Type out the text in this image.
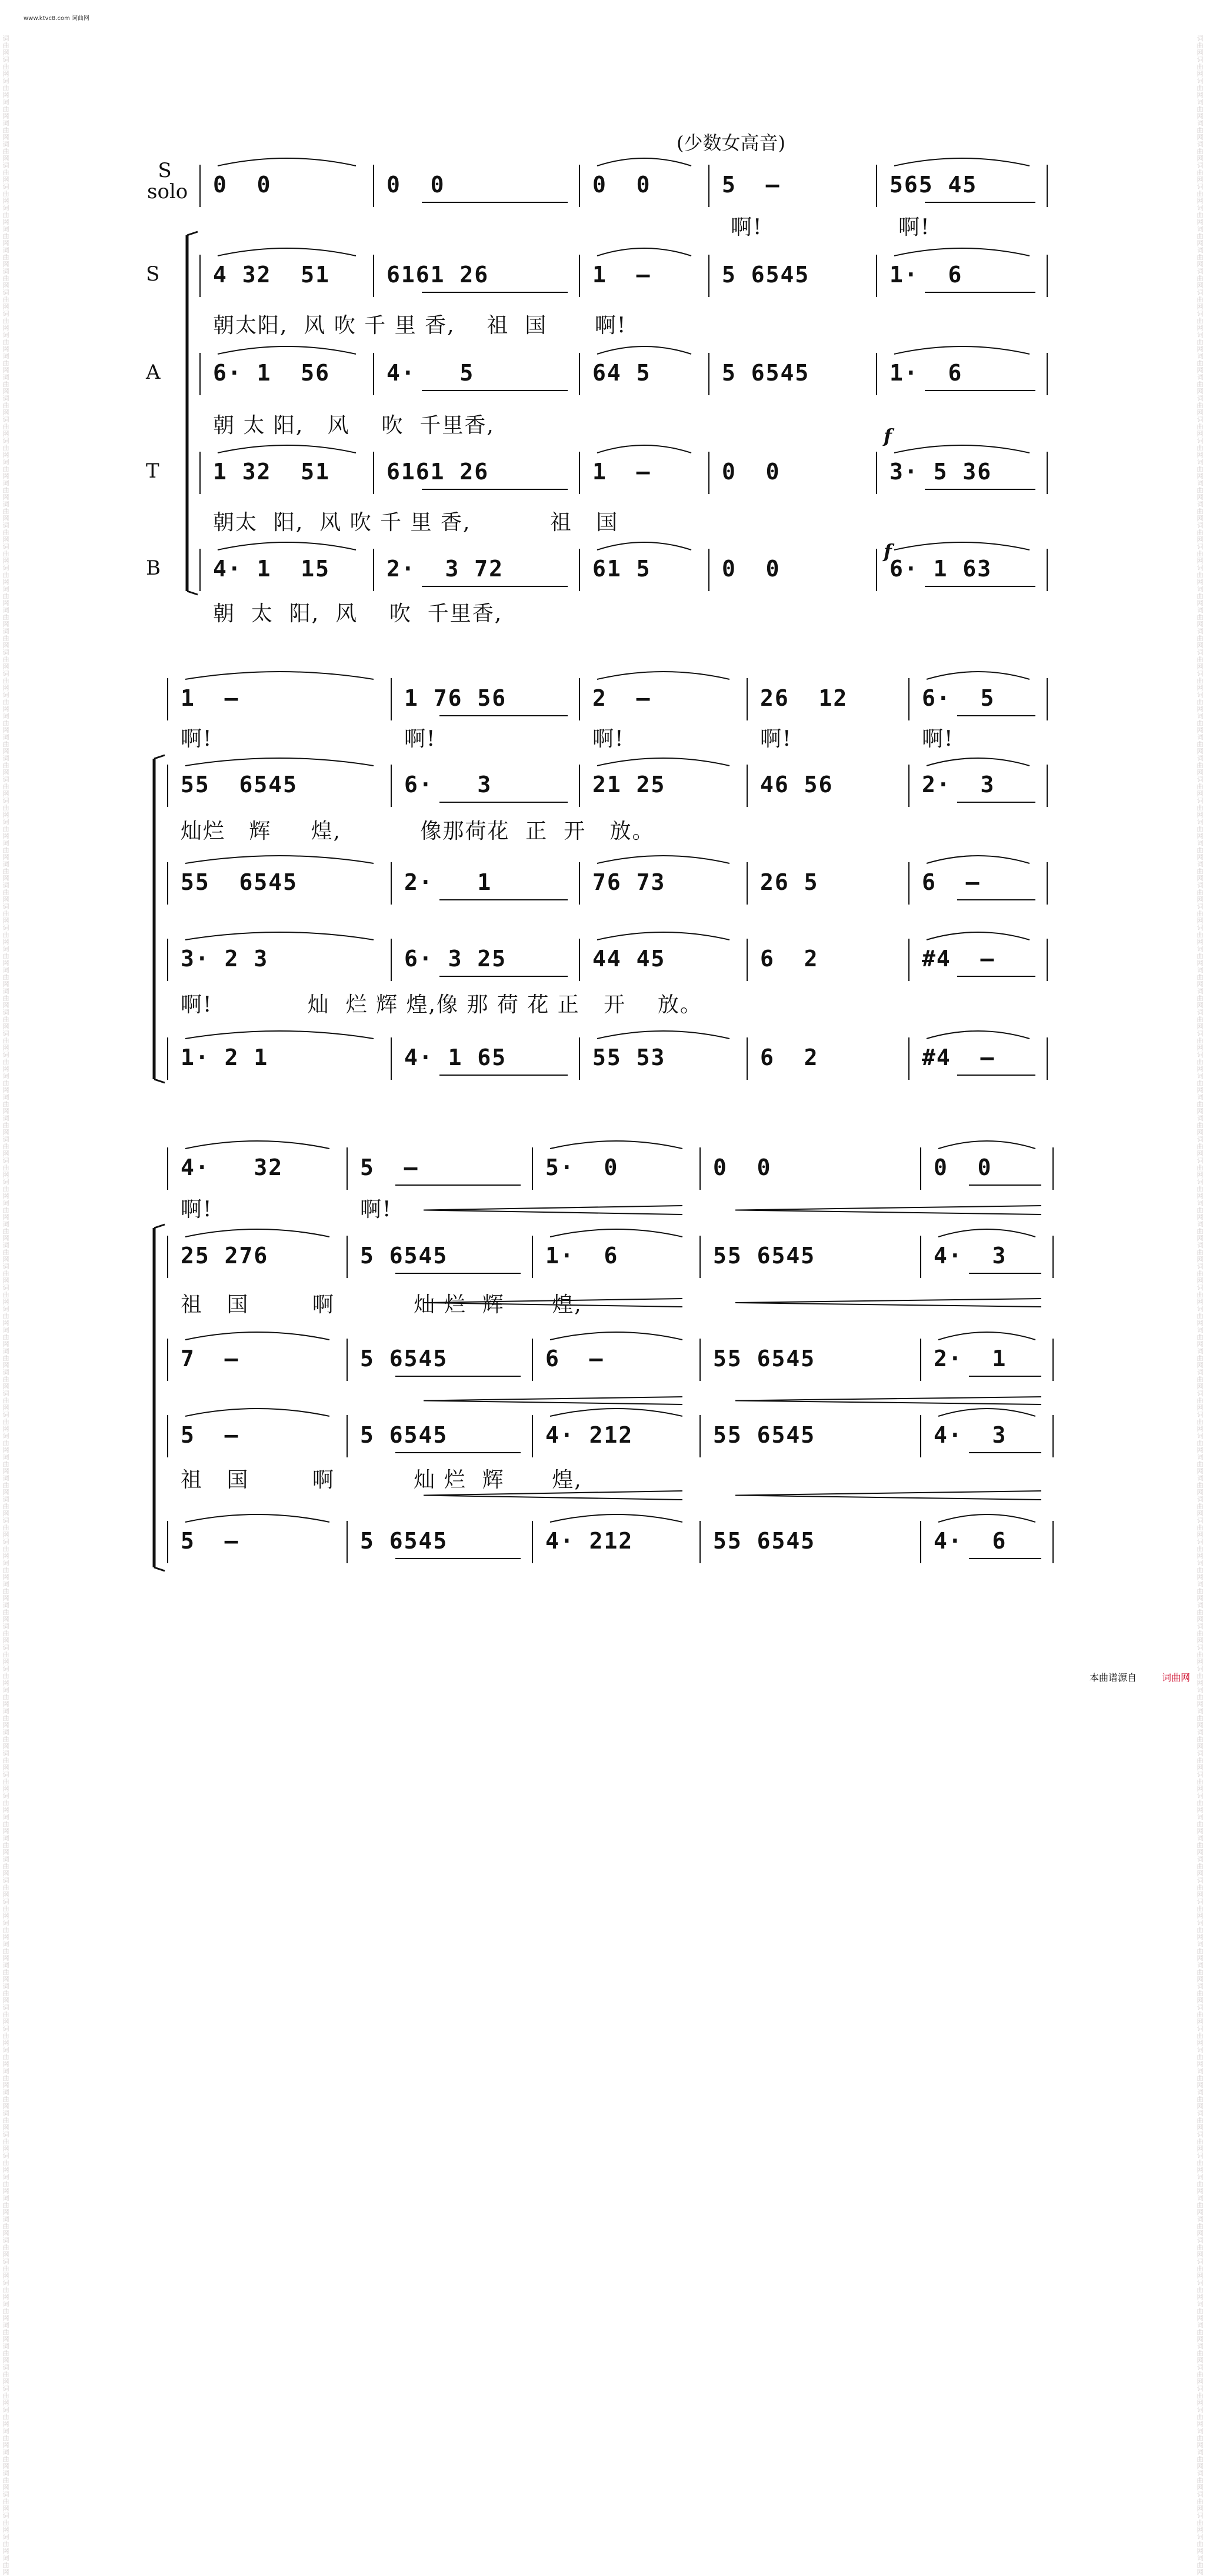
www.ktvc8.com 词曲网
词曲网词曲网词曲网词曲网词曲网词曲网词曲网词曲网词曲网词曲网词曲网词曲网词曲网词曲网词曲网词曲网词曲网词曲网词曲网词曲网词曲网词曲网词曲网词曲网词曲网词曲网词曲网词曲网词曲网词曲网词曲网词曲网词曲网词曲网词曲网词曲网词曲网词曲网词曲网词曲网词曲网词曲网词曲网词曲网词曲网词曲网词曲网词曲网词曲网词曲网词曲网词曲网词曲网词曲网词曲网词曲网词曲网词曲网词曲网词曲网词曲网词曲网词曲网词曲网词曲网词曲网词曲网词曲网词曲网词曲网词曲网词曲网词曲网词曲网词曲网词曲网词曲网词曲网词曲网词曲网词曲网词曲网词曲网词曲网词曲网词曲网词曲网词曲网词曲网词曲网词曲网词曲网词曲网词曲网词曲网词曲网词曲网词曲网词曲网词曲网词曲网词曲网词曲网词曲网词曲网词曲网词曲网词曲网词曲网词曲网词曲网词曲网词曲网词曲网词曲网词曲网词曲网词曲网词曲网词曲网
词曲网词曲网词曲网词曲网词曲网词曲网词曲网词曲网词曲网词曲网词曲网词曲网词曲网词曲网词曲网词曲网词曲网词曲网词曲网词曲网词曲网词曲网词曲网词曲网词曲网词曲网词曲网词曲网词曲网词曲网词曲网词曲网词曲网词曲网词曲网词曲网词曲网词曲网词曲网词曲网词曲网词曲网词曲网词曲网词曲网词曲网词曲网词曲网词曲网词曲网词曲网词曲网词曲网词曲网词曲网词曲网词曲网词曲网词曲网词曲网词曲网词曲网词曲网词曲网词曲网词曲网词曲网词曲网词曲网词曲网词曲网词曲网词曲网词曲网词曲网词曲网词曲网词曲网词曲网词曲网词曲网词曲网词曲网词曲网词曲网词曲网词曲网词曲网词曲网词曲网词曲网词曲网词曲网词曲网词曲网词曲网词曲网词曲网词曲网词曲网词曲网词曲网词曲网词曲网词曲网词曲网词曲网词曲网词曲网词曲网词曲网词曲网词曲网词曲网词曲网词曲网词曲网词曲网词曲网词曲网
(少数女高音)
S solo
S
A
T
B
f
f
0  0	0  0	0  0	5  –	565 45
啊!	啊!
4 32  51	6161 26	1  –	5 6545	1·  6
朝太阳,  风 吹 千 里 香,    祖  国      啊!
6· 1  56	4·   5	64 5	5 6545	1·  6
朝 太 阳,   风    吹  千里香,
1 32  51	6161 26	1  –	0  0	3· 5 36
朝太  阳,  风 吹 千 里 香,          祖   国
4· 1  15	2·  3 72	61 5	0  0	6· 1 63
朝  太  阳,  风    吹  千里香,
1  –	1 76 56	2  –	26  12	6·  5
啊!	啊!	啊!	啊!	啊!
55  6545	6·   3	21 25	46 56	2·  3
灿烂   辉     煌,          像那荷花  正  开   放。
55  6545	2·   1	76 73	26 5	6  –
3· 2 3	6· 3 25	44 45	6  2	#4  –
啊!            灿  烂 辉 煌,像 那 荷 花 正   开    放。
1· 2 1	4· 1 65	55 53	6  2	#4  –
4·   32	5  –	5·  0	0  0	0  0
啊!	啊!
25 276	5 6545	1·  6	55 6545	4·  3
祖   国        啊          灿 烂  辉      煌,
7  –	5 6545	6  –	55 6545	2·  1
5  –	5 6545	4· 212	55 6545	4·  3
祖   国        啊          灿 烂  辉      煌,
5  –	5 6545	4· 212	55 6545	4·  6
本曲谱源自	词曲网
